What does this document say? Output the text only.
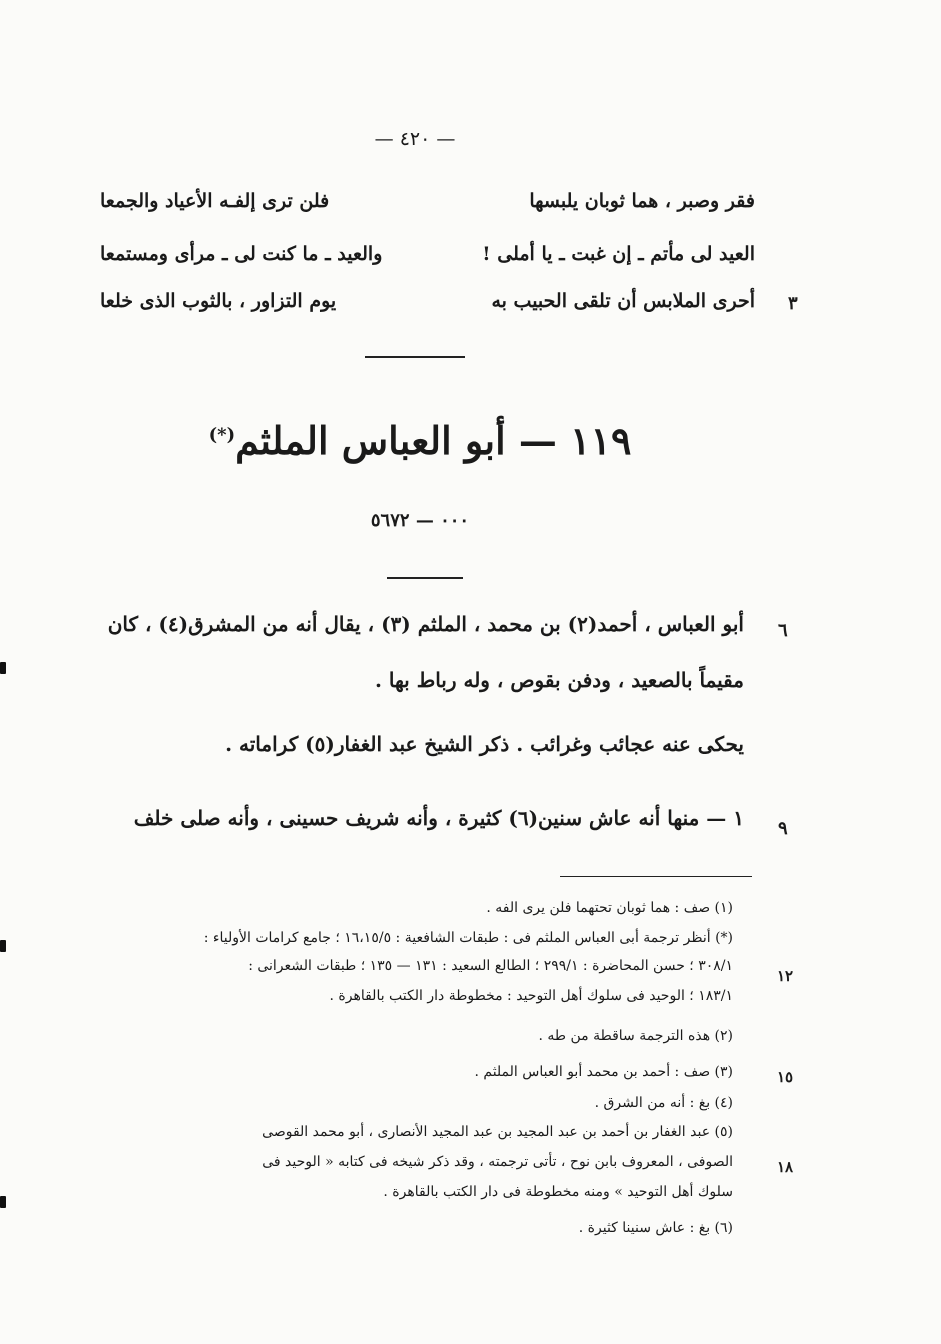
— ٤٢٠ —
فقر وصبر ، هما ثوبان يلبسها
فلن ترى إلفـه الأعياد والجمعا
العيد لى مأتم ـ إن غبت ـ يا أملى !
والعيد ـ ما كنت لى ـ مرأى ومستمعا
أحرى الملابس أن تلقى الحبيب به
يوم التزاور ، بالثوب الذى خلعا	٣
١١٩ — أبو العباس الملثم(*)
٠٠٠ — ٥٦٧٢
أبو العباس ، أحمد(٢) بن محمد ، الملثم (٣) ، يقال أنه من المشرق(٤) ، كان ٦
مقيماً بالصعيد ، ودفن بقوص ، وله رباط بها .
يحكى عنه عجائب وغرائب . ذكر الشيخ عبد الغفار(٥) كراماته .
١ — منها أنه عاش سنين(٦) كثيرة ، وأنه شريف حسينى ، وأنه صلى خلف ٩
(١) صف : هما ثوبان تحتهما فلن يرى الفه .
(*) أنظر ترجمة أبى العباس الملثم فى : طبقات الشافعية : ١٦،١٥/٥ ؛ جامع كرامات الأولياء :
٣٠٨/١ ؛ حسن المحاضرة : ٢٩٩/١ ؛ الطالع السعيد : ١٣١ — ١٣٥ ؛ طبقات الشعرانى :
١٢
١٨٣/١ ؛ الوحيد فى سلوك أهل التوحيد : مخطوطة دار الكتب بالقاهرة .
(٢) هذه الترجمة ساقطة من طه .
(٣) صف : أحمد بن محمد أبو العباس الملثم .	١٥
(٤) بغ : أنه من الشرق .
(٥) عبد الغفار بن أحمد بن عبد المجيد بن عبد المجيد الأنصارى ، أبو محمد القوصى
الصوفى ، المعروف بابن نوح ، تأتى ترجمته ، وقد ذكر شيخه فى كتابه « الوحيد فى	١٨
سلوك أهل التوحيد » ومنه مخطوطة فى دار الكتب بالقاهرة .
(٦) بغ : عاش سنينا كثيرة .
